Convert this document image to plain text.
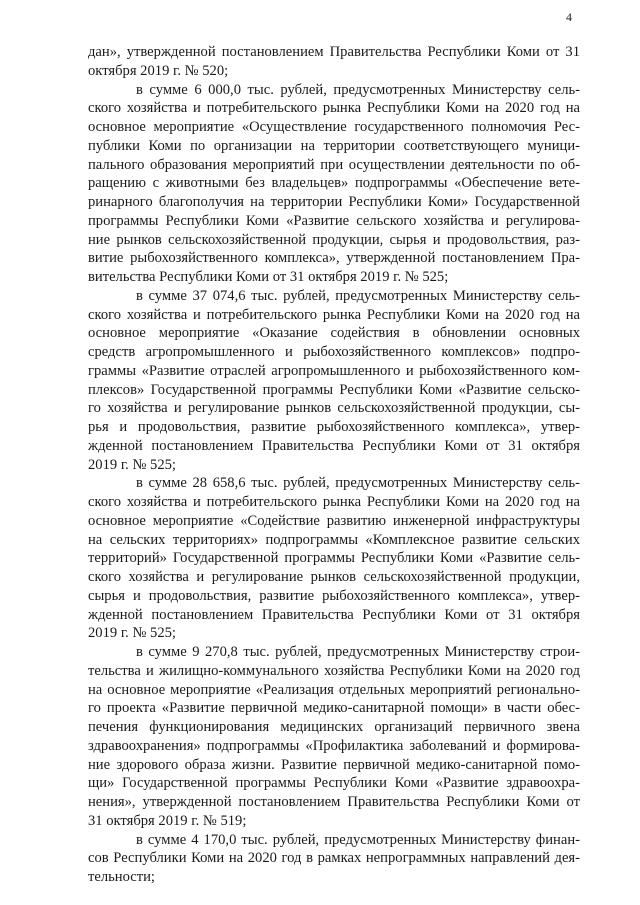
4
дан», утвержденной постановлением Правительства Республики Коми от 31
октября 2019 г. № 520;
в сумме 6 000,0 тыс. рублей, предусмотренных Министерству сель-
ского хозяйства и потребительского рынка Республики Коми на 2020 год на
основное мероприятие «Осуществление государственного полномочия Рес-
публики Коми по организации на территории соответствующего муници-
пального образования мероприятий при осуществлении деятельности по об-
ращению с животными без владельцев» подпрограммы «Обеспечение вете-
ринарного благополучия на территории Республики Коми» Государственной
программы Республики Коми «Развитие сельского хозяйства и регулирова-
ние рынков сельскохозяйственной продукции, сырья и продовольствия, раз-
витие рыбохозяйственного комплекса», утвержденной постановлением Пра-
вительства Республики Коми от 31 октября 2019 г. № 525;
в сумме 37 074,6 тыс. рублей, предусмотренных Министерству сель-
ского хозяйства и потребительского рынка Республики Коми на 2020 год на
основное мероприятие «Оказание содействия в обновлении основных
средств агропромышленного и рыбохозяйственного комплексов» подпро-
граммы «Развитие отраслей агропромышленного и рыбохозяйственного ком-
плексов» Государственной программы Республики Коми «Развитие сельско-
го хозяйства и регулирование рынков сельскохозяйственной продукции, сы-
рья и продовольствия, развитие рыбохозяйственного комплекса», утвер-
жденной постановлением Правительства Республики Коми от 31 октября
2019 г. № 525;
в сумме 28 658,6 тыс. рублей, предусмотренных Министерству сель-
ского хозяйства и потребительского рынка Республики Коми на 2020 год на
основное мероприятие «Содействие развитию инженерной инфраструктуры
на сельских территориях» подпрограммы «Комплексное развитие сельских
территорий» Государственной программы Республики Коми «Развитие сель-
ского хозяйства и регулирование рынков сельскохозяйственной продукции,
сырья и продовольствия, развитие рыбохозяйственного комплекса», утвер-
жденной постановлением Правительства Республики Коми от 31 октября
2019 г. № 525;
в сумме 9 270,8 тыс. рублей, предусмотренных Министерству строи-
тельства и жилищно-коммунального хозяйства Республики Коми на 2020 год
на основное мероприятие «Реализация отдельных мероприятий регионально-
го проекта «Развитие первичной медико-санитарной помощи» в части обес-
печения функционирования медицинских организаций первичного звена
здравоохранения» подпрограммы «Профилактика заболеваний и формирова-
ние здорового образа жизни. Развитие первичной медико-санитарной помо-
щи» Государственной программы Республики Коми «Развитие здравоохра-
нения», утвержденной постановлением Правительства Республики Коми от
31 октября 2019 г. № 519;
в сумме 4 170,0 тыс. рублей, предусмотренных Министерству финан-
сов Республики Коми на 2020 год в рамках непрограммных направлений дея-
тельности;
